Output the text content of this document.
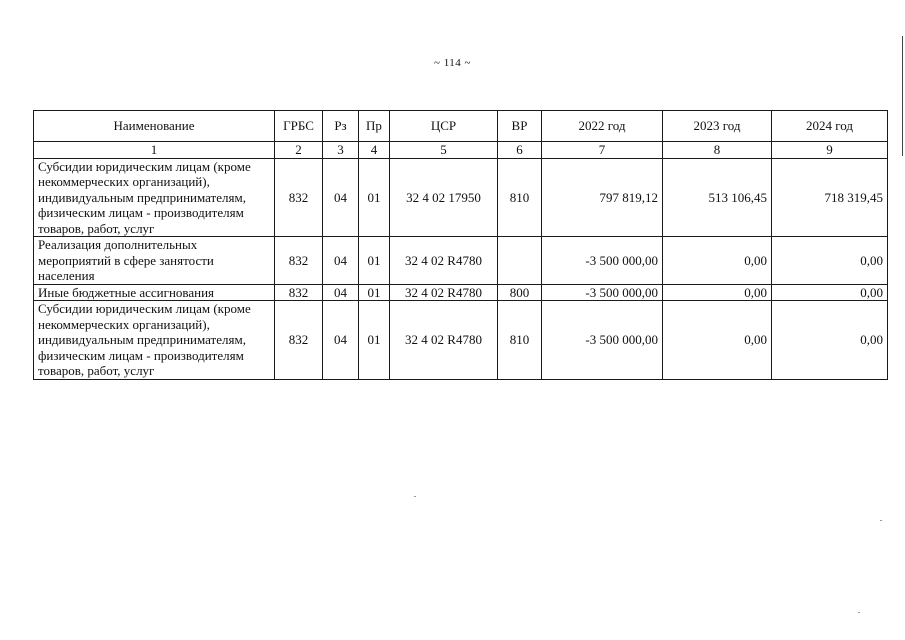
~ 114 ~
Наименование	ГРБС	Рз	Пр	ЦСР	ВР	2022 год	2023 год	2024 год
1	2	3	4	5	6	7	8	9
Субсидии юридическим лицам (кроме некоммерческих организаций), индивидуальным предпринимателям, физическим лицам - производителям товаров, работ, услуг	832	04	01	32 4 02 17950	810	797 819,12	513 106,45	718 319,45
Реализация дополнительных мероприятий в сфере занятости населения	832	04	01	32 4 02 R4780		-3 500 000,00	0,00	0,00
Иные бюджетные ассигнования	832	04	01	32 4 02 R4780	800	-3 500 000,00	0,00	0,00
Субсидии юридическим лицам (кроме некоммерческих организаций), индивидуальным предпринимателям, физическим лицам - производителям товаров, работ, услуг	832	04	01	32 4 02 R4780	810	-3 500 000,00	0,00	0,00
